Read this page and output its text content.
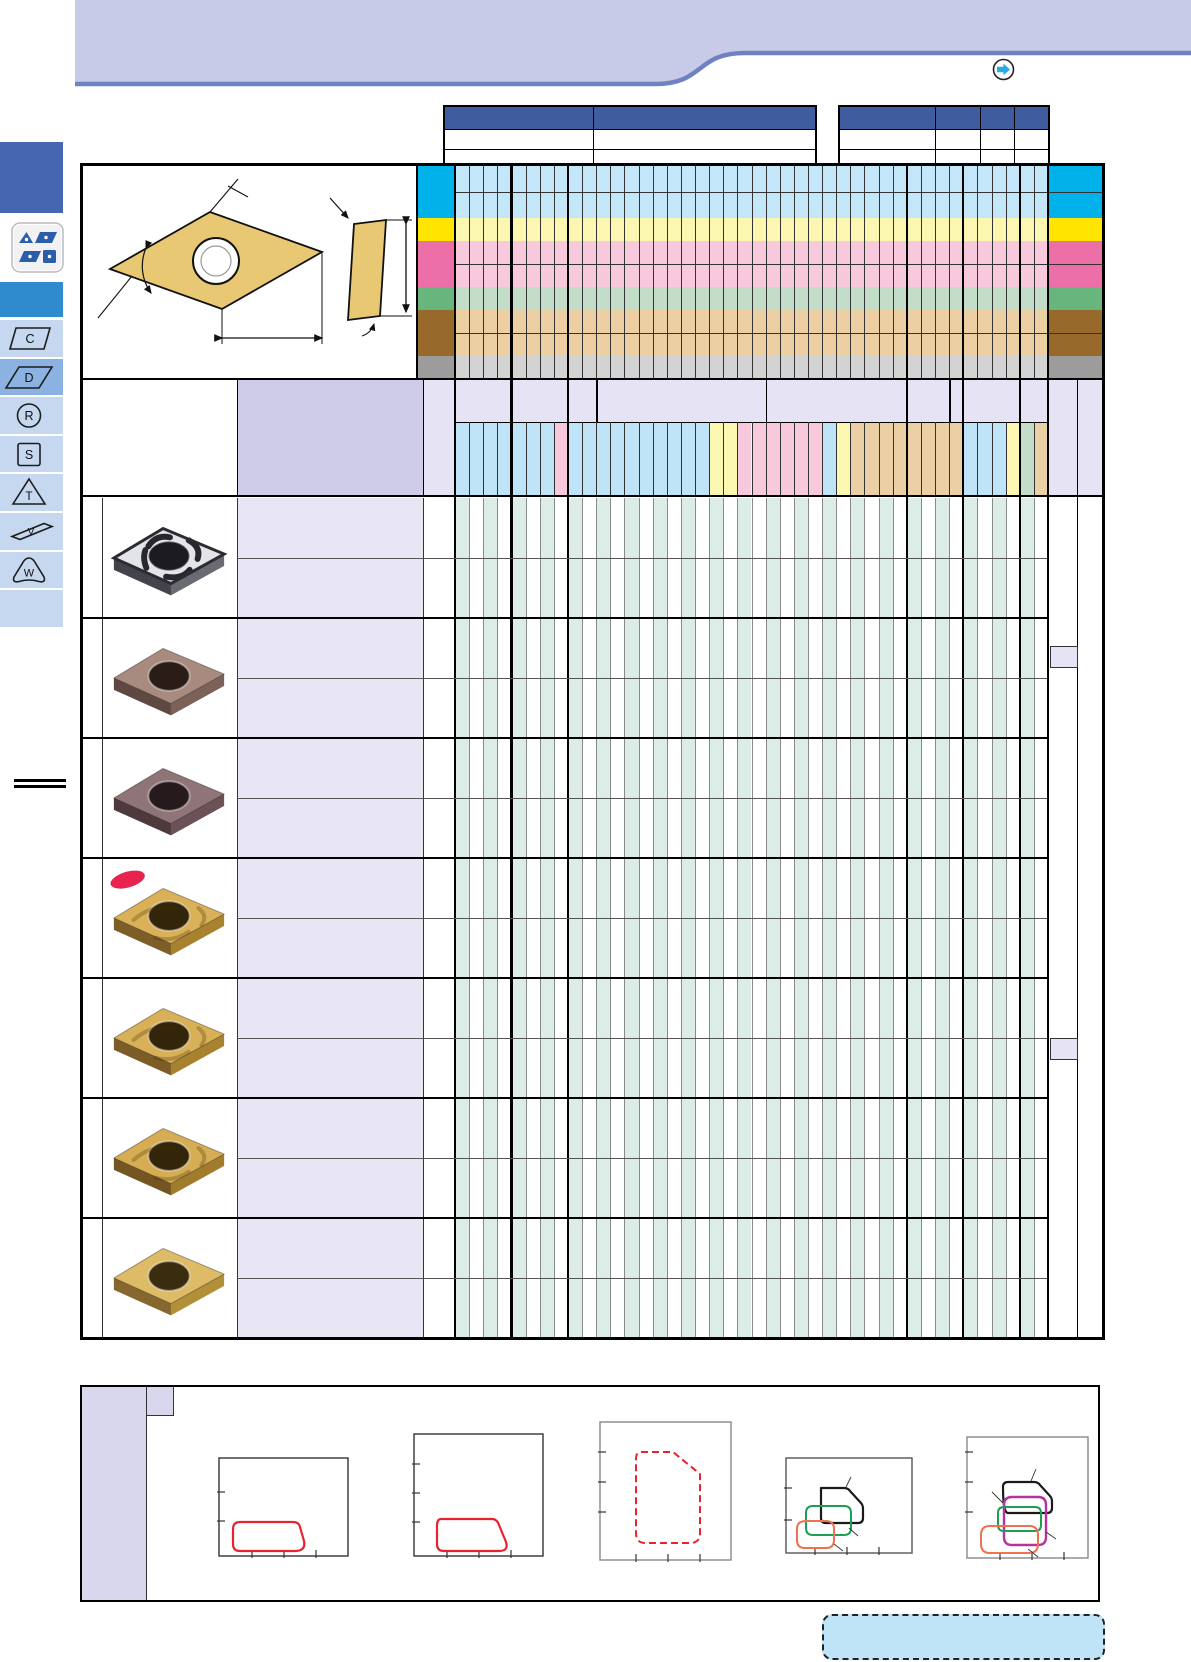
C
D
R
S
T
V
W
